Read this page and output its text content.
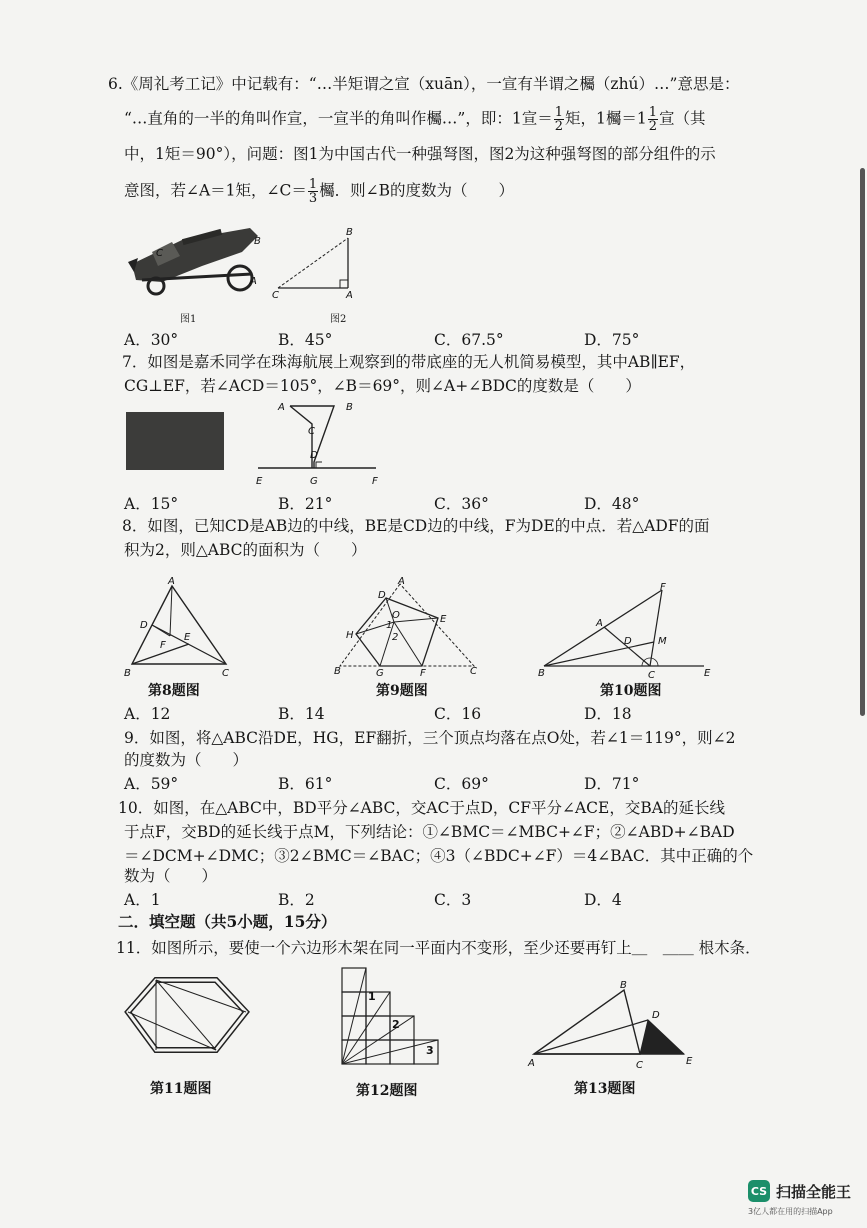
6.《周礼考工记》中记载有：“…半矩谓之宣（xuān），一宣有半谓之欘（zhú）…”意思是：
“…直角的一半的角叫作宣，一宣半的角叫作欘…”，即：1宣＝ $\frac{1}{2}$ 矩，1欘$=1 \frac{1}{2}$ 宣（其
中，1矩＝90°），问题：图1为中国古代一种强弩图，图2为这种强弩图的部分组件的示
意图，若∠A＝1矩，∠C＝ $\frac{1}{3}$ 欘．则∠B的度数为（　　）
C
B
A
图1
B
C	A
图2
A．30°	B．45°	C．67.5°	D．75°
7．如图是嘉禾同学在珠海航展上观察到的带底座的无人机简易模型，其中AB∥EF，
CG⊥EF，若∠ACD＝105°，∠B＝69°，则∠A+∠BDC的度数是（　　）
A	B
C
D
E	G	F
A．15°	B．21°	C．36°	D．48°
8．如图，已知CD是AB边的中线，BE是CD边的中线，F为DE的中点．若△ADF的面
积为2，则△ABC的面积为（　　）
A
D
E
F
B	C
A
D
O	E
1
2
H
B	G	F	C
F
A
D	M
B	C	E
第8题图	第9题图	第10题图
A．12	B．14	C．16	D．18
9．如图，将△ABC沿DE，HG，EF翻折，三个顶点均落在点O处，若∠1＝119°，则∠2
的度数为（　　）
A．59°	B．61°	C．69°	D．71°
10．如图，在△ABC中，BD平分∠ABC，交AC于点D，CF平分∠ACE，交BA的延长线
于点F，交BD的延长线于点M，下列结论：①∠BMC＝∠MBC+∠F；②∠ABD+∠BAD
＝∠DCM+∠DMC；③2∠BMC＝∠BAC；④3（∠BDC+∠F）＝4∠BAC．其中正确的个
数为（　　）
A．1	B．2	C．3	D．4
二．填空题（共5小题，15分）
11．如图所示，要使一个六边形木架在同一平面内不变形，至少还要再钉上＿　＿＿ 根木条．
1
2
3
B
D
A	C	E
第11题图	第12题图	第13题图
CS 扫描全能王
3亿人都在用的扫描App
